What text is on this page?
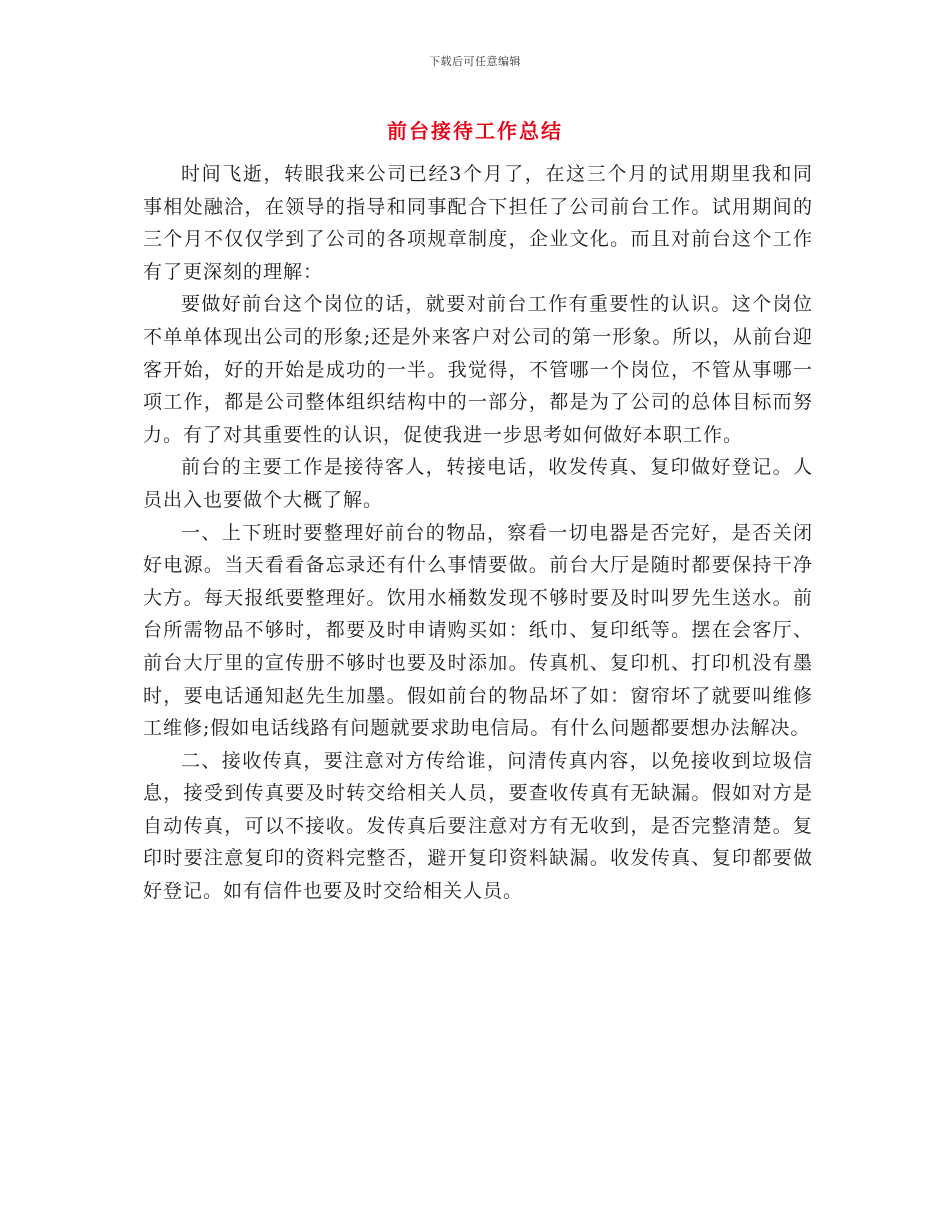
下载后可任意编辑
前台接待工作总结

时间飞逝，转眼我来公司已经3个月了，在这三个月的试用期里我和同事相处融洽，在领导的指导和同事配合下担任了公司前台工作。试用期间的三个月不仅仅学到了公司的各项规章制度，企业文化。而且对前台这个工作有了更深刻的理解：

要做好前台这个岗位的话，就要对前台工作有重要性的认识。这个岗位不单单体现出公司的形象;还是外来客户对公司的第一形象。所以，从前台迎客开始，好的开始是成功的一半。我觉得，不管哪一个岗位，不管从事哪一项工作，都是公司整体组织结构中的一部分，都是为了公司的总体目标而努力。有了对其重要性的认识，促使我进一步思考如何做好本职工作。

前台的主要工作是接待客人，转接电话，收发传真、复印做好登记。人员出入也要做个大概了解。

一、上下班时要整理好前台的物品，察看一切电器是否完好，是否关闭好电源。当天看看备忘录还有什么事情要做。前台大厅是随时都要保持干净大方。每天报纸要整理好。饮用水桶数发现不够时要及时叫罗先生送水。前台所需物品不够时，都要及时申请购买如：纸巾、复印纸等。摆在会客厅、前台大厅里的宣传册不够时也要及时添加。传真机、复印机、打印机没有墨时，要电话通知赵先生加墨。假如前台的物品坏了如：窗帘坏了就要叫维修工维修;假如电话线路有问题就要求助电信局。有什么问题都要想办法解决。

二、接收传真，要注意对方传给谁，问清传真内容，以免接收到垃圾信息，接受到传真要及时转交给相关人员，要查收传真有无缺漏。假如对方是自动传真，可以不接收。发传真后要注意对方有无收到，是否完整清楚。复印时要注意复印的资料完整否，避开复印资料缺漏。收发传真、复印都要做好登记。如有信件也要及时交给相关人员。
